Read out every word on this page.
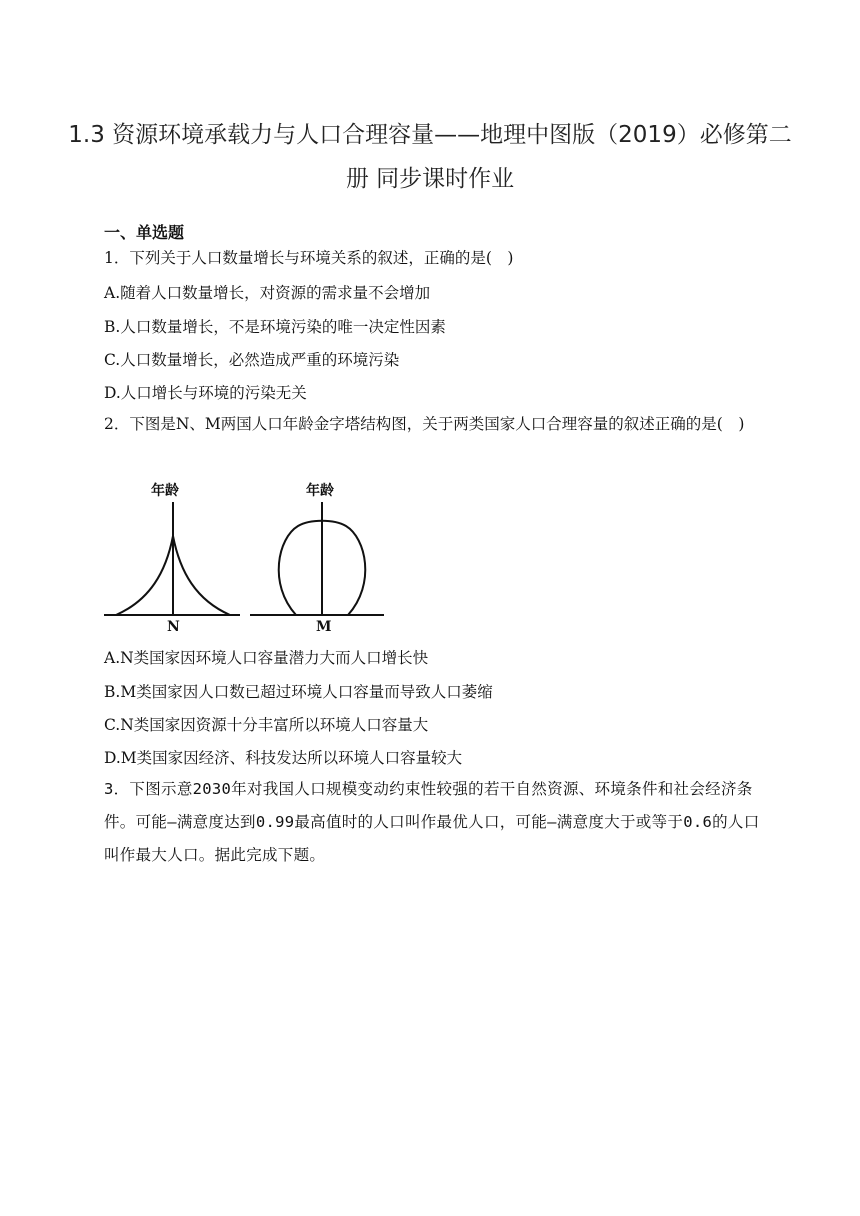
1.3 资源环境承载力与人口合理容量——地理中图版（2019）必修第二册 同步课时作业
一、单选题
1．下列关于人口数量增长与环境关系的叙述，正确的是(　)
A.随着人口数量增长，对资源的需求量不会增加
B.人口数量增长，不是环境污染的唯一决定性因素
C.人口数量增长，必然造成严重的环境污染
D.人口增长与环境的污染无关
2．下图是N、M两国人口年龄金字塔结构图，关于两类国家人口合理容量的叙述正确的是(　)
年龄	年龄
N	M
A.N类国家因环境人口容量潜力大而人口增长快
B.M类国家因人口数已超过环境人口容量而导致人口萎缩
C.N类国家因资源十分丰富所以环境人口容量大
D.M类国家因经济、科技发达所以环境人口容量较大
3．下图示意2030年对我国人口规模变动约束性较强的若干自然资源、环境条件和社会经济条件。可能—满意度达到0.99最高值时的人口叫作最优人口，可能—满意度大于或等于0.6的人口叫作最大人口。据此完成下题。
